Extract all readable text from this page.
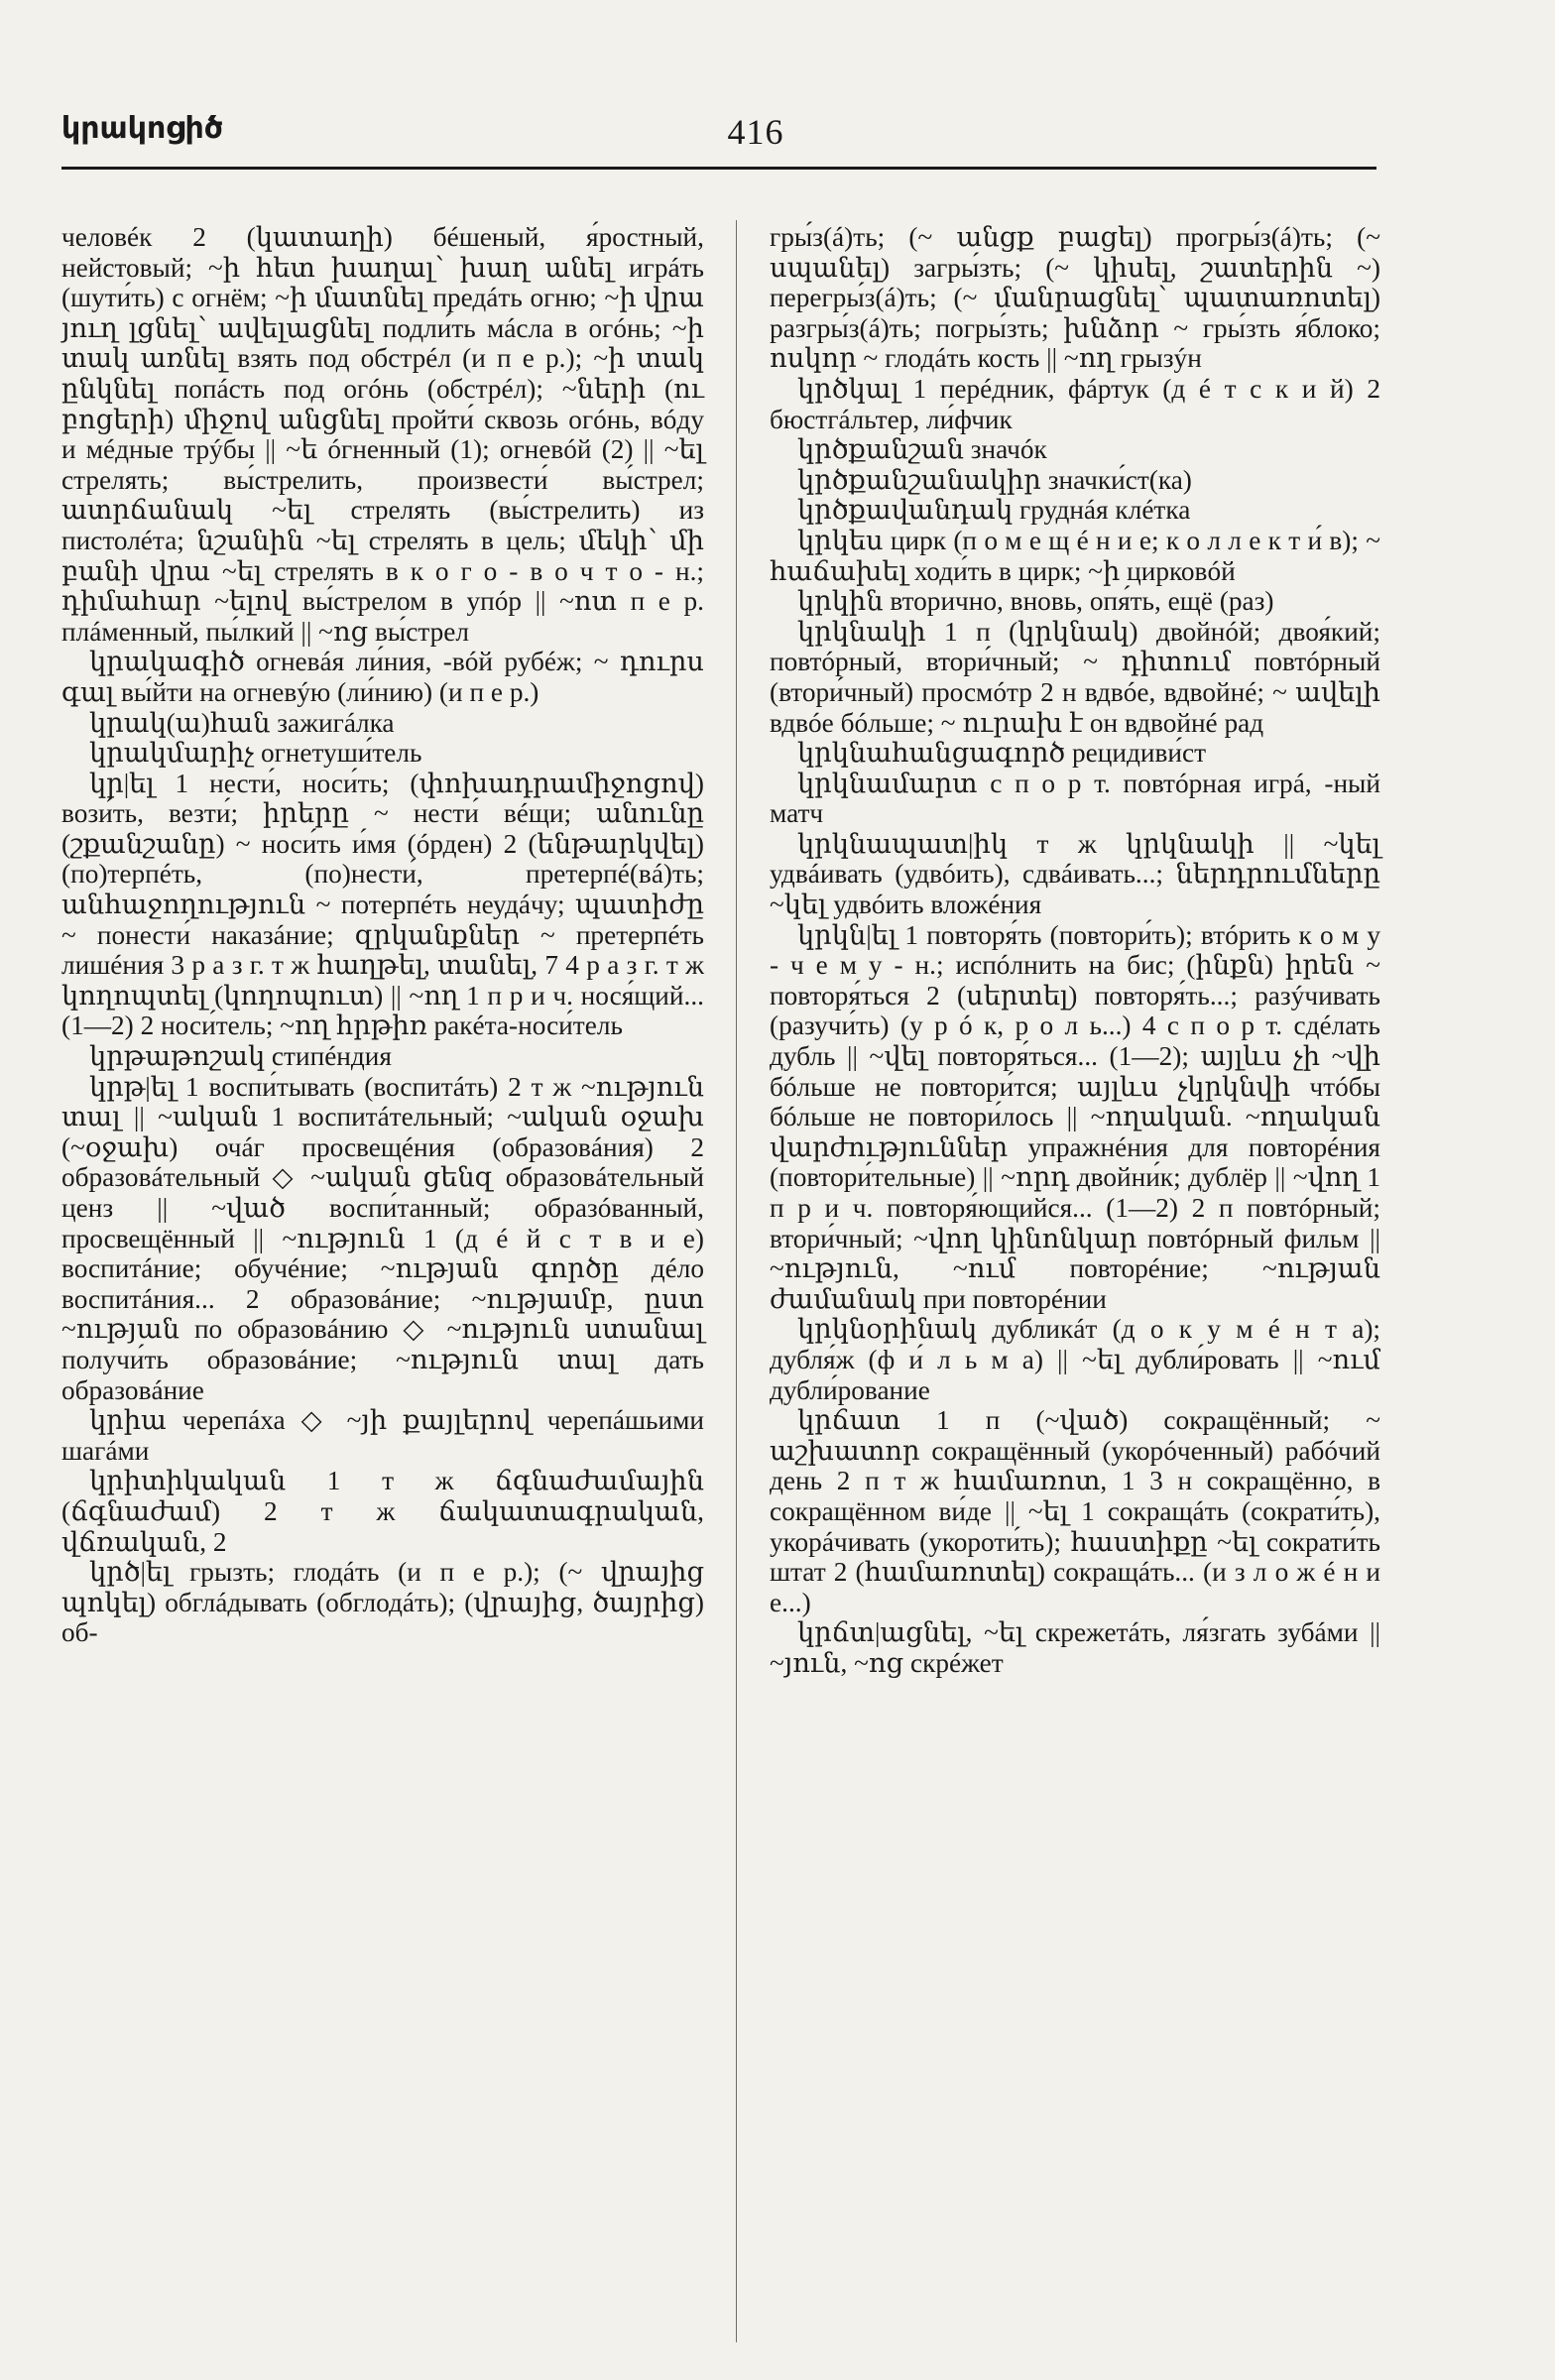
կրակոցիծ	416

человéк 2 (կատաղի) бéшеный, я́ростный, нейстовый; ~ի հետ խաղալ՝ խաղ անել игрáть (шути́ть) с огнём; ~ի մատնել предáть огню; ~ի վրա յուղ լցնել՝ ավելացնել подли́ть мáсла в огóнь; ~ի տակ առնել взять под обстрéл (и п е р.); ~ի տակ ընկնել попáсть под огóнь (обстрéл); ~ների (ու բոցերի) միջով անցնել пройти́ сквозь огóнь, вóду и мéдные трýбы || ~ե óгненный (1); огневóй (2) || ~ել стрелять; вы́стрелить, произвести́ вы́стрел; ատրճանակ ~ել стрелять (вы́стрелить) из пистолéта; նշանին ~ել стрелять в цель; մեկի՝ մի բանի վրա ~ել стрелять в к о г о - в о ч т о - н.; դիմահար ~ելով вы́стрелом в упóр || ~ոտ п е р. плáменный, пы́лкий || ~ոց вы́стрел

կրակագիծ огневáя ли́ния, -вóй рубéж; ~ դուրս գալ вы́йти на огневýю (ли́нию) (и п е р.)

կրակ(ա)հան зажигáлка

կրակմարիչ огнетуши́тель

կր|ել 1 нести́, носи́ть; (փոխադրամիջոցով) вози́ть, везти́; իրերը ~ нести́ вéщи; անունը (շքանշանը) ~ носи́ть и́мя (óрден) 2 (ենթարկվել) (по)терпéть, (по)нести́, претерпé(вá)ть; անհաջողություն ~ потерпéть неудáчу; պատիժը ~ понести́ наказáние; զրկանքներ ~ претерпéть лишéния 3 р а з г. т ж հաղթել, տանել, 7 4 р а з г. т ж կողոպտել (կողոպուտ) || ~ող 1 п р и ч. нося́щий... (1—2) 2 носи́тель; ~ող հրթիռ ракéта-носи́тель

կրթաթոշակ стипéндия

կրթ|ել 1 воспи́тывать (воспитáть) 2 т ж ~ություն տալ || ~ական 1 воспитáтельный; ~ական օջախ (~օջախ) очáг просвещéния (образовáния) 2 образовáтельный ◇ ~ական ցենզ образовáтельный ценз || ~ված воспи́танный; образóванный, просвещённый || ~ություն 1 (д é й с т в и е) воспитáние; обучéние; ~ության գործը дéло воспитáния... 2 образовáние; ~ությամբ, ըստ ~ության по образовáнию ◇ ~ություն ստանալ получи́ть образовáние; ~ություն տալ дать образовáние

կրիա черепáха ◇ ~յի քայլերով черепáшьими шагáми

կրիտիկական 1 т ж ճգնաժամային (ճգնաժամ) 2 т ж ճակատագրական, վճռական, 2

կրծ|ել грызть; глодáть (и п е р.); (~ վրայից պոկել) обглáдывать (обглодáть); (վրայից, ծայրից) об-

гры́з(á)ть; (~ անցք բացել) прогры́з(á)ть; (~ սպանել) загры́зть; (~ կիսել, շատերին ~) перегры́з(á)ть; (~ մանրացնել՝ պատառոտել) разгры́з(á)ть; погры́зть; խնձոր ~ гры́зть я́блоко; ոսկոր ~ глодáть кость || ~ող грызýн

կրծկալ 1 перéдник, фáртук (д é т с к и й) 2 бюстгáльтер, ли́фчик

կրծքանշան значóк

կրծքանշանակիր значки́ст(ка)

կրծքավանդակ груднáя клéтка

կրկես цирк (п о м е щ é н и е; к о л л е к т и́ в); ~ հաճախել ходи́ть в цирк; ~ի цирковóй

կրկին вторично, вновь, опя́ть, ещё (раз)

կրկնակի 1 п (կրկնակ) двойнóй; двоя́кий; повтóрный, втори́чный; ~ դիտում повтóрный (втори́чный) просмóтр 2 н вдвóе, вдвойнé; ~ ավելի вдвóе бóльше; ~ ուրախ է он вдвойнé рад

կրկնահանցագործ рецидиви́ст

կրկնամարտ с п о р т. повтóрная игрá, -ный матч

կրկնապատ|իկ т ж կրկնակի || ~կել удвáивать (удвóить), сдвáивать...; ներդրումները ~կել удвóить вложéния

կրկն|ել 1 повторя́ть (повтори́ть); втóрить к о м у - ч е м у - н.; испóлнить на бис; (ինքն) իրեն ~ повторя́ться 2 (սերտել) повторя́ть...; разýчивать (разучи́ть) (у р ó к, р о л ь...) 4 с п о р т. сдéлать дубль || ~վել повторя́ться... (1—2); այլևս չի ~վի бóльше не повтори́тся; այլևս չկրկնվի чтóбы бóльше не повтори́лось || ~ողական. ~ողական վարժություններ упражнéния для повторéния (повтори́тельные) || ~որդ двойни́к; дублёр || ~վող 1 п р и ч. повторя́ющийся... (1—2) 2 п повтóрный; втори́чный; ~վող կինոնկար повтóрный фильм || ~ություն, ~ում повторéние; ~ության ժամանակ при повторéнии

կրկնօրինակ дубликáт (д о к у м é н т а); дубля́ж (ф и́ л ь м а) || ~ել дубли́ровать || ~ում дубли́рование

կրճատ 1 п (~ված) сокращённый; ~ աշխատոր сокращённый (укорóченный) рабóчий день 2 п т ж համառոտ, 1 3 н сокращённо, в сокращённом ви́де || ~ել 1 сокращáть (сократи́ть), укорáчивать (укороти́ть); հաստիքը ~ել сократи́ть штат 2 (համառոտել) сокращáть... (и з л о ж é н и е...)

կրճտ|ացնել, ~ել скрежетáть, ля́згать зубáми || ~յուն, ~ոց скрéжет
